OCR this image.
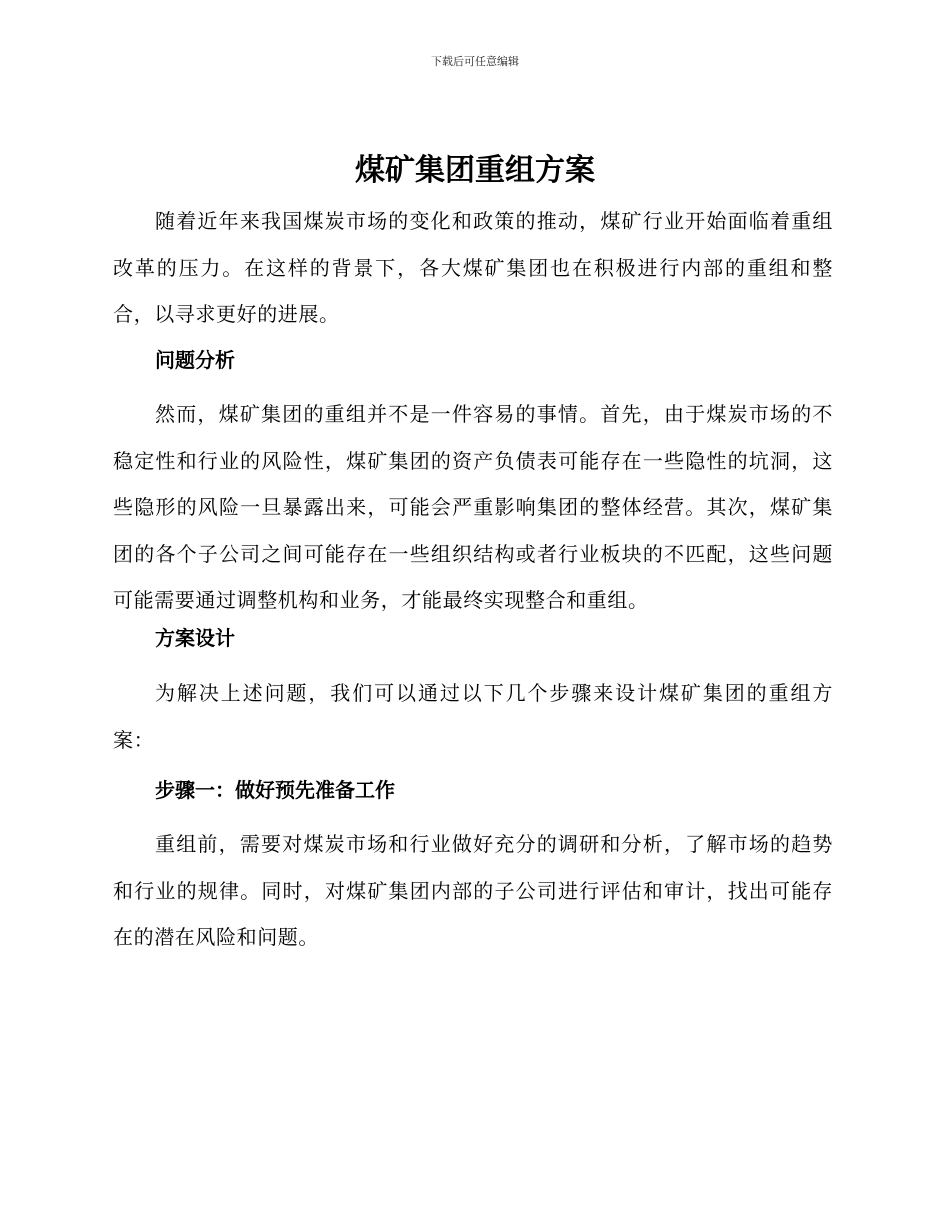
下载后可任意编辑
煤矿集团重组方案

随着近年来我国煤炭市场的变化和政策的推动，煤矿行业开始面临着重组改革的压力。在这样的背景下，各大煤矿集团也在积极进行内部的重组和整合，以寻求更好的进展。

问题分析

然而，煤矿集团的重组并不是一件容易的事情。首先，由于煤炭市场的不稳定性和行业的风险性，煤矿集团的资产负债表可能存在一些隐性的坑洞，这些隐形的风险一旦暴露出来，可能会严重影响集团的整体经营。其次，煤矿集团的各个子公司之间可能存在一些组织结构或者行业板块的不匹配，这些问题可能需要通过调整机构和业务，才能最终实现整合和重组。

方案设计

为解决上述问题，我们可以通过以下几个步骤来设计煤矿集团的重组方案：

步骤一：做好预先准备工作

重组前，需要对煤炭市场和行业做好充分的调研和分析，了解市场的趋势和行业的规律。同时，对煤矿集团内部的子公司进行评估和审计，找出可能存在的潜在风险和问题。
